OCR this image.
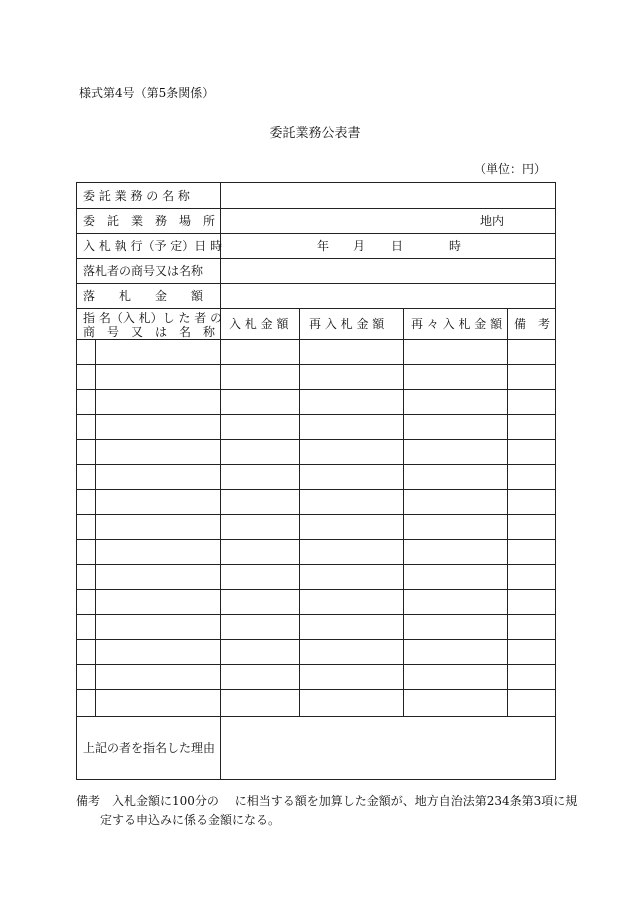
様式第4号（第5条関係）
委託業務公表書
（単位：円）
委 託 業 務 の 名 称
委　託　業　務　場　所
入 札 執 行（予 定）日 時
落札者の商号又は名称
落　　札　　金　　額
地内
年 月 日	時
指 名（入 札）し た 者 の
商　号　又　は　名　称
入 札 金 額 再 入 札 金 額 再 々 入 札 金 額 備　考
上記の者を指名した理由
備考　入札金額に100分の　 に相当する額を加算した金額が、地方自治法第234条第3項に規
定する申込みに係る金額になる。
